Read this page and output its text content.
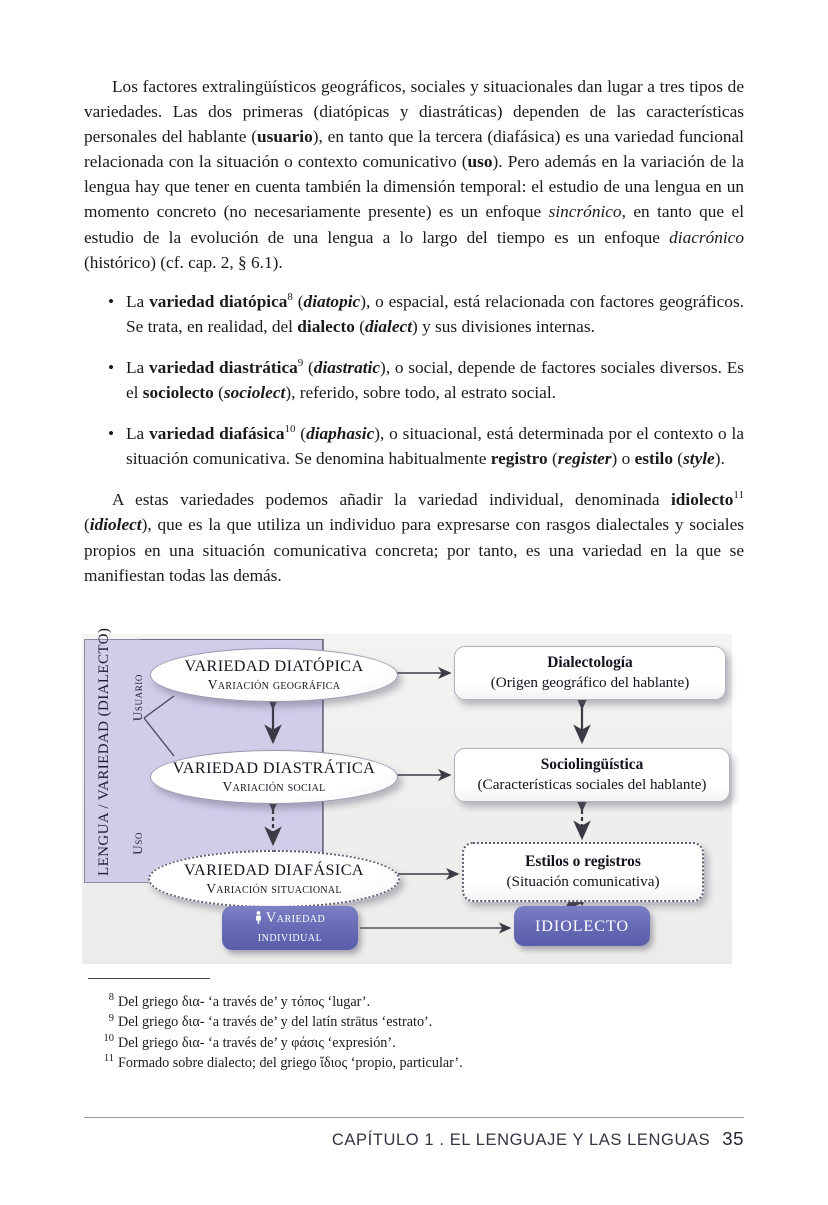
Los factores extralingüísticos geográficos, sociales y situacionales dan lugar a tres tipos de variedades. Las dos primeras (diatópicas y diastráticas) dependen de las características personales del hablante (usuario), en tanto que la tercera (diafásica) es una variedad funcional relacionada con la situación o contexto comunicativo (uso). Pero además en la variación de la lengua hay que tener en cuenta también la dimensión temporal: el estudio de una lengua en un momento concreto (no necesariamente presente) es un enfoque sincrónico, en tanto que el estudio de la evolución de una lengua a lo largo del tiempo es un enfoque diacrónico (histórico) (cf. cap. 2, § 6.1).

• La variedad diatópica$^8$ (diatopic), o espacial, está relacionada con factores geográficos. Se trata, en realidad, del dialecto (dialect) y sus divisiones internas.
• La variedad diastrática$^9$ (diastratic), o social, depende de factores sociales diversos. Es el sociolecto (sociolect), referido, sobre todo, al estrato social.
• La variedad diafásica$^{10}$ (diaphasic), o situacional, está determinada por el contexto o la situación comunicativa. Se denomina habitualmente registro (register) o estilo (style).

A estas variedades podemos añadir la variedad individual, denominada idiolecto$^{11}$ (idiolect), que es la que utiliza un individuo para expresarse con rasgos dialectales y sociales propios en una situación comunicativa concreta; por tanto, es una variedad en la que se manifiestan todas las demás.

LENGUA / VARIEDAD (DIALECTO) Usuario
Uso
VARIEDAD DIATÓPICA
Variación geográfica
VARIEDAD DIASTRÁTICA
Variación social
VARIEDAD DIAFÁSICA
Variación situacional
Dialectología
(Origen geográfico del hablante)
Sociolingüística
(Características sociales del hablante)
Estilos o registros
(Situación comunicativa)
Variedad
individual
IDIOLECTO
8 Del griego δια- ‘a través de’ y τόπος ‘lugar’.
9 Del griego δια- ‘a través de’ y del latín strātus ‘estrato’.
10 Del griego δια- ‘a través de’ y φάσις ‘expresión’.
11 Formado sobre dialecto; del griego ἴδιος ‘propio, particular’.
CAPÍTULO 1 . EL LENGUAJE Y LAS LENGUAS 35
